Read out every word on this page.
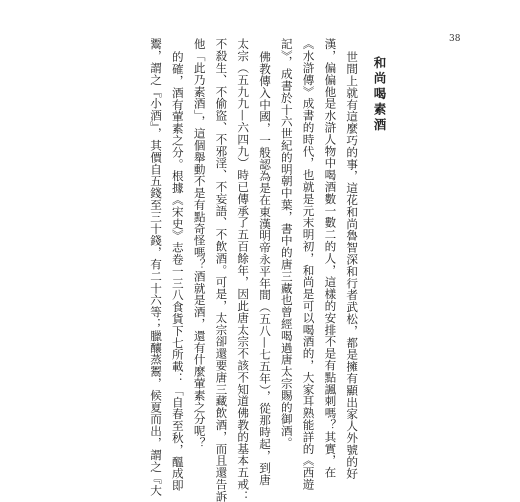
38
和尚喝素酒
世間上就有這麼巧的事，這花和尚魯智深和行者武松，都是擁有顯出家人外號的好
漢，偏偏他是水滸人物中喝酒數一數二的人，這樣的安排不是有點諷刺嗎？其實，在
《水滸傳》成書的時代，也就是元末明初，和尚是可以喝酒的，大家耳熟能詳的《西遊
記》，成書於十六世紀的明朝中葉，書中的唐三藏也曾經喝過唐太宗賜的御酒。
佛教傳入中國，一般認為是在東漢明帝永平年間（五八—七五年），從那時起，到唐
太宗（五九九—六四九）時已傳承了五百餘年，因此唐太宗不該不知道佛教的基本五戒：
不殺生、不偷盜、不邪淫、不妄語、不飲酒。可是，太宗卻還要唐三藏飲酒，而且還告訴
他「此乃素酒」，這個舉動不是有點奇怪嗎？酒就是酒，還有什麼葷素之分呢？
的確，酒有葷素之分。根據《宋史》志卷一三八食貨下七所載：「自春至秋，醞成即
鬻，謂之『小酒』，其價自五錢至三十錢，有二十六等；臘釀蒸鬻，候夏而出，謂之『大
